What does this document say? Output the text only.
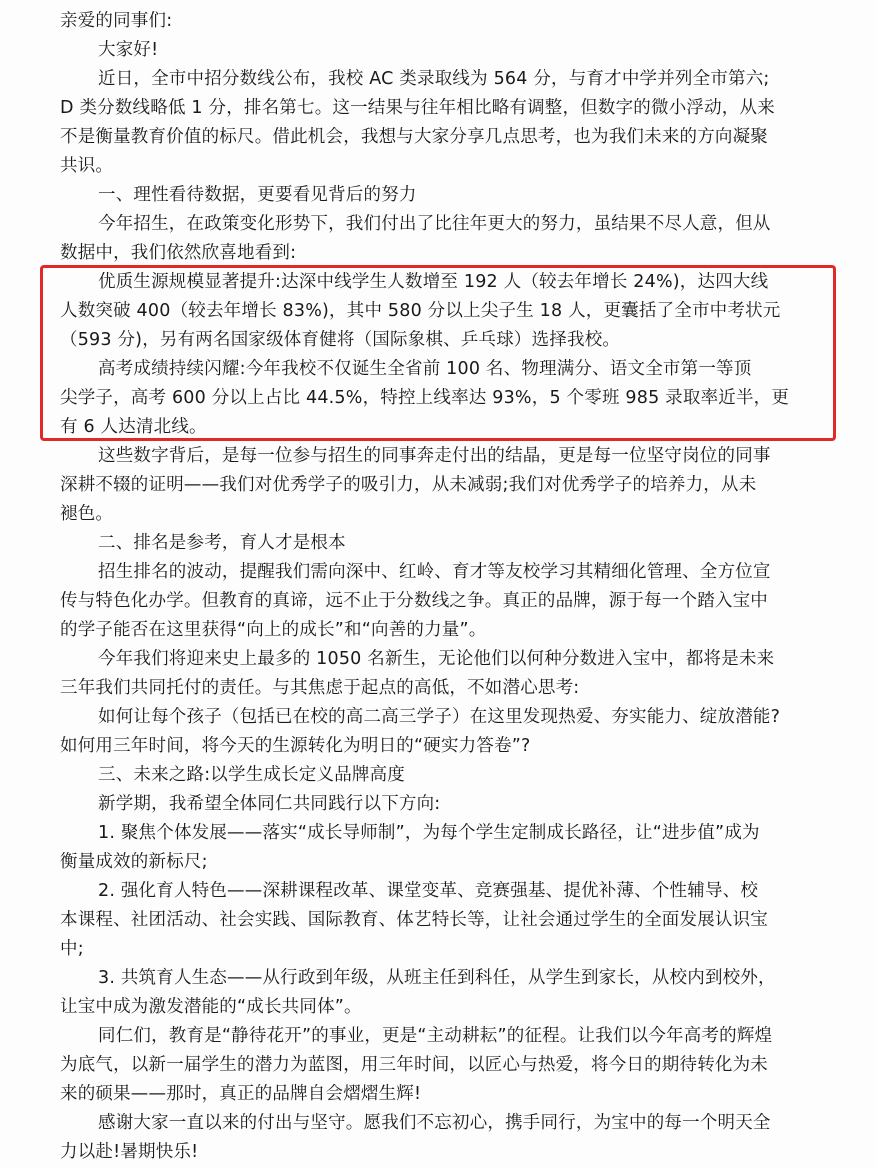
亲爱的同事们:
大家好!
近日，全市中招分数线公布，我校 AC 类录取线为 564 分，与育才中学并列全市第六;
D 类分数线略低 1 分，排名第七。这一结果与往年相比略有调整，但数字的微小浮动，从来
不是衡量教育价值的标尺。借此机会，我想与大家分享几点思考，也为我们未来的方向凝聚
共识。
一、理性看待数据，更要看见背后的努力
今年招生，在政策变化形势下，我们付出了比往年更大的努力，虽结果不尽人意，但从
数据中，我们依然欣喜地看到:
优质生源规模显著提升:达深中线学生人数增至 192 人（较去年增长 24%)，达四大线
人数突破 400（较去年增长 83%)，其中 580 分以上尖子生 18 人，更囊括了全市中考状元
（593 分)，另有两名国家级体育健将（国际象棋、乒乓球）选择我校。
高考成绩持续闪耀:今年我校不仅诞生全省前 100 名、物理满分、语文全市第一等顶
尖学子，高考 600 分以上占比 44.5%，特控上线率达 93%，5 个零班 985 录取率近半，更
有 6 人达清北线。
这些数字背后，是每一位参与招生的同事奔走付出的结晶，更是每一位坚守岗位的同事
深耕不辍的证明——我们对优秀学子的吸引力，从未减弱;我们对优秀学子的培养力，从未
褪色。
二、排名是参考，育人才是根本
招生排名的波动，提醒我们需向深中、红岭、育才等友校学习其精细化管理、全方位宣
传与特色化办学。但教育的真谛，远不止于分数线之争。真正的品牌，源于每一个踏入宝中
的学子能否在这里获得“向上的成长”和“向善的力量”。
今年我们将迎来史上最多的 1050 名新生，无论他们以何种分数进入宝中，都将是未来
三年我们共同托付的责任。与其焦虑于起点的高低，不如潜心思考:
如何让每个孩子（包括已在校的高二高三学子）在这里发现热爱、夯实能力、绽放潜能?
如何用三年时间，将今天的生源转化为明日的“硬实力答卷”?
三、未来之路:以学生成长定义品牌高度
新学期，我希望全体同仁共同践行以下方向:
1. 聚焦个体发展——落实“成长导师制”，为每个学生定制成长路径，让“进步值”成为
衡量成效的新标尺;
2. 强化育人特色——深耕课程改革、课堂变革、竞赛强基、提优补薄、个性辅导、校
本课程、社团活动、社会实践、国际教育、体艺特长等，让社会通过学生的全面发展认识宝
中;
3. 共筑育人生态——从行政到年级，从班主任到科任，从学生到家长，从校内到校外，
让宝中成为激发潜能的“成长共同体”。
同仁们，教育是“静待花开”的事业，更是“主动耕耘”的征程。让我们以今年高考的辉煌
为底气，以新一届学生的潜力为蓝图，用三年时间，以匠心与热爱，将今日的期待转化为未
来的硕果——那时，真正的品牌自会熠熠生辉!
感谢大家一直以来的付出与坚守。愿我们不忘初心，携手同行，为宝中的每一个明天全
力以赴!暑期快乐!
